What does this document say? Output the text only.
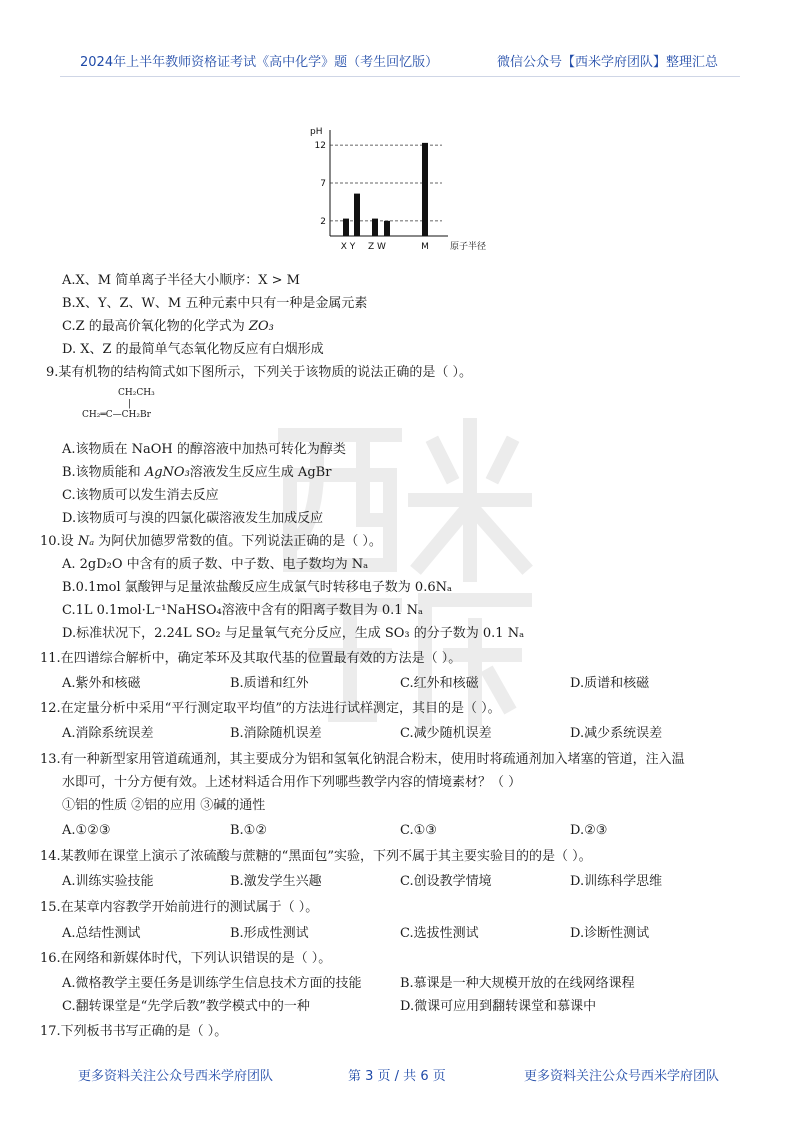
2024年上半年教师资格证考试《高中化学》题（考生回忆版）	微信公众号【西米学府团队】整理汇总
pH
2
7
12
X Y Z W	M 原子半径
A.X、M 简单离子半径大小顺序：X > M
B.X、Y、Z、W、M 五种元素中只有一种是金属元素
C.Z 的最高价氧化物的化学式为 ZO₃
D. X、Z 的最简单气态氧化物反应有白烟形成
9.某有机物的结构简式如下图所示，下列关于该物质的说法正确的是（ ）。
CH₂CH₃
|
CH₂═C—CH₂Br
A.该物质在 NaOH 的醇溶液中加热可转化为醇类
B.该物质能和 AgNO₃溶液发生反应生成 AgBr
C.该物质可以发生消去反应
D.该物质可与溴的四氯化碳溶液发生加成反应
10.设 Nₐ 为阿伏加德罗常数的值。下列说法正确的是（ ）。
A. 2gD₂O 中含有的质子数、中子数、电子数均为 Nₐ
B.0.1mol 氯酸钾与足量浓盐酸反应生成氯气时转移电子数为 0.6Nₐ
C.1L 0.1mol·L⁻¹NaHSO₄溶液中含有的阳离子数目为 0.1 Nₐ
D.标准状况下，2.24L SO₂ 与足量氧气充分反应，生成 SO₃ 的分子数为 0.1 Nₐ
11.在四谱综合解析中，确定苯环及其取代基的位置最有效的方法是（ ）。
A.紫外和核磁	B.质谱和红外	C.红外和核磁	D.质谱和核磁
12.在定量分析中采用“平行测定取平均值”的方法进行试样测定，其目的是（ ）。
A.消除系统误差	B.消除随机误差	C.减少随机误差	D.减少系统误差
13.有一种新型家用管道疏通剂，其主要成分为铝和氢氧化钠混合粉末，使用时将疏通剂加入堵塞的管道，注入温
水即可，十分方便有效。上述材料适合用作下列哪些教学内容的情境素材？（ ）
①铝的性质 ②铝的应用 ③碱的通性
A.①②③	B.①②	C.①③	D.②③
14.某教师在课堂上演示了浓硫酸与蔗糖的“黑面包”实验，下列不属于其主要实验目的的是（ ）。
A.训练实验技能	B.激发学生兴趣	C.创设教学情境	D.训练科学思维
15.在某章内容教学开始前进行的测试属于（ ）。
A.总结性测试	B.形成性测试	C.选拔性测试	D.诊断性测试
16.在网络和新媒体时代，下列认识错误的是（ ）。
A.微格教学主要任务是训练学生信息技术方面的技能	B.慕课是一种大规模开放的在线网络课程
C.翻转课堂是“先学后教”教学模式中的一种	D.微课可应用到翻转课堂和慕课中
17.下列板书书写正确的是（ ）。
更多资料关注公众号西米学府团队	第 3 页 / 共 6 页	更多资料关注公众号西米学府团队
